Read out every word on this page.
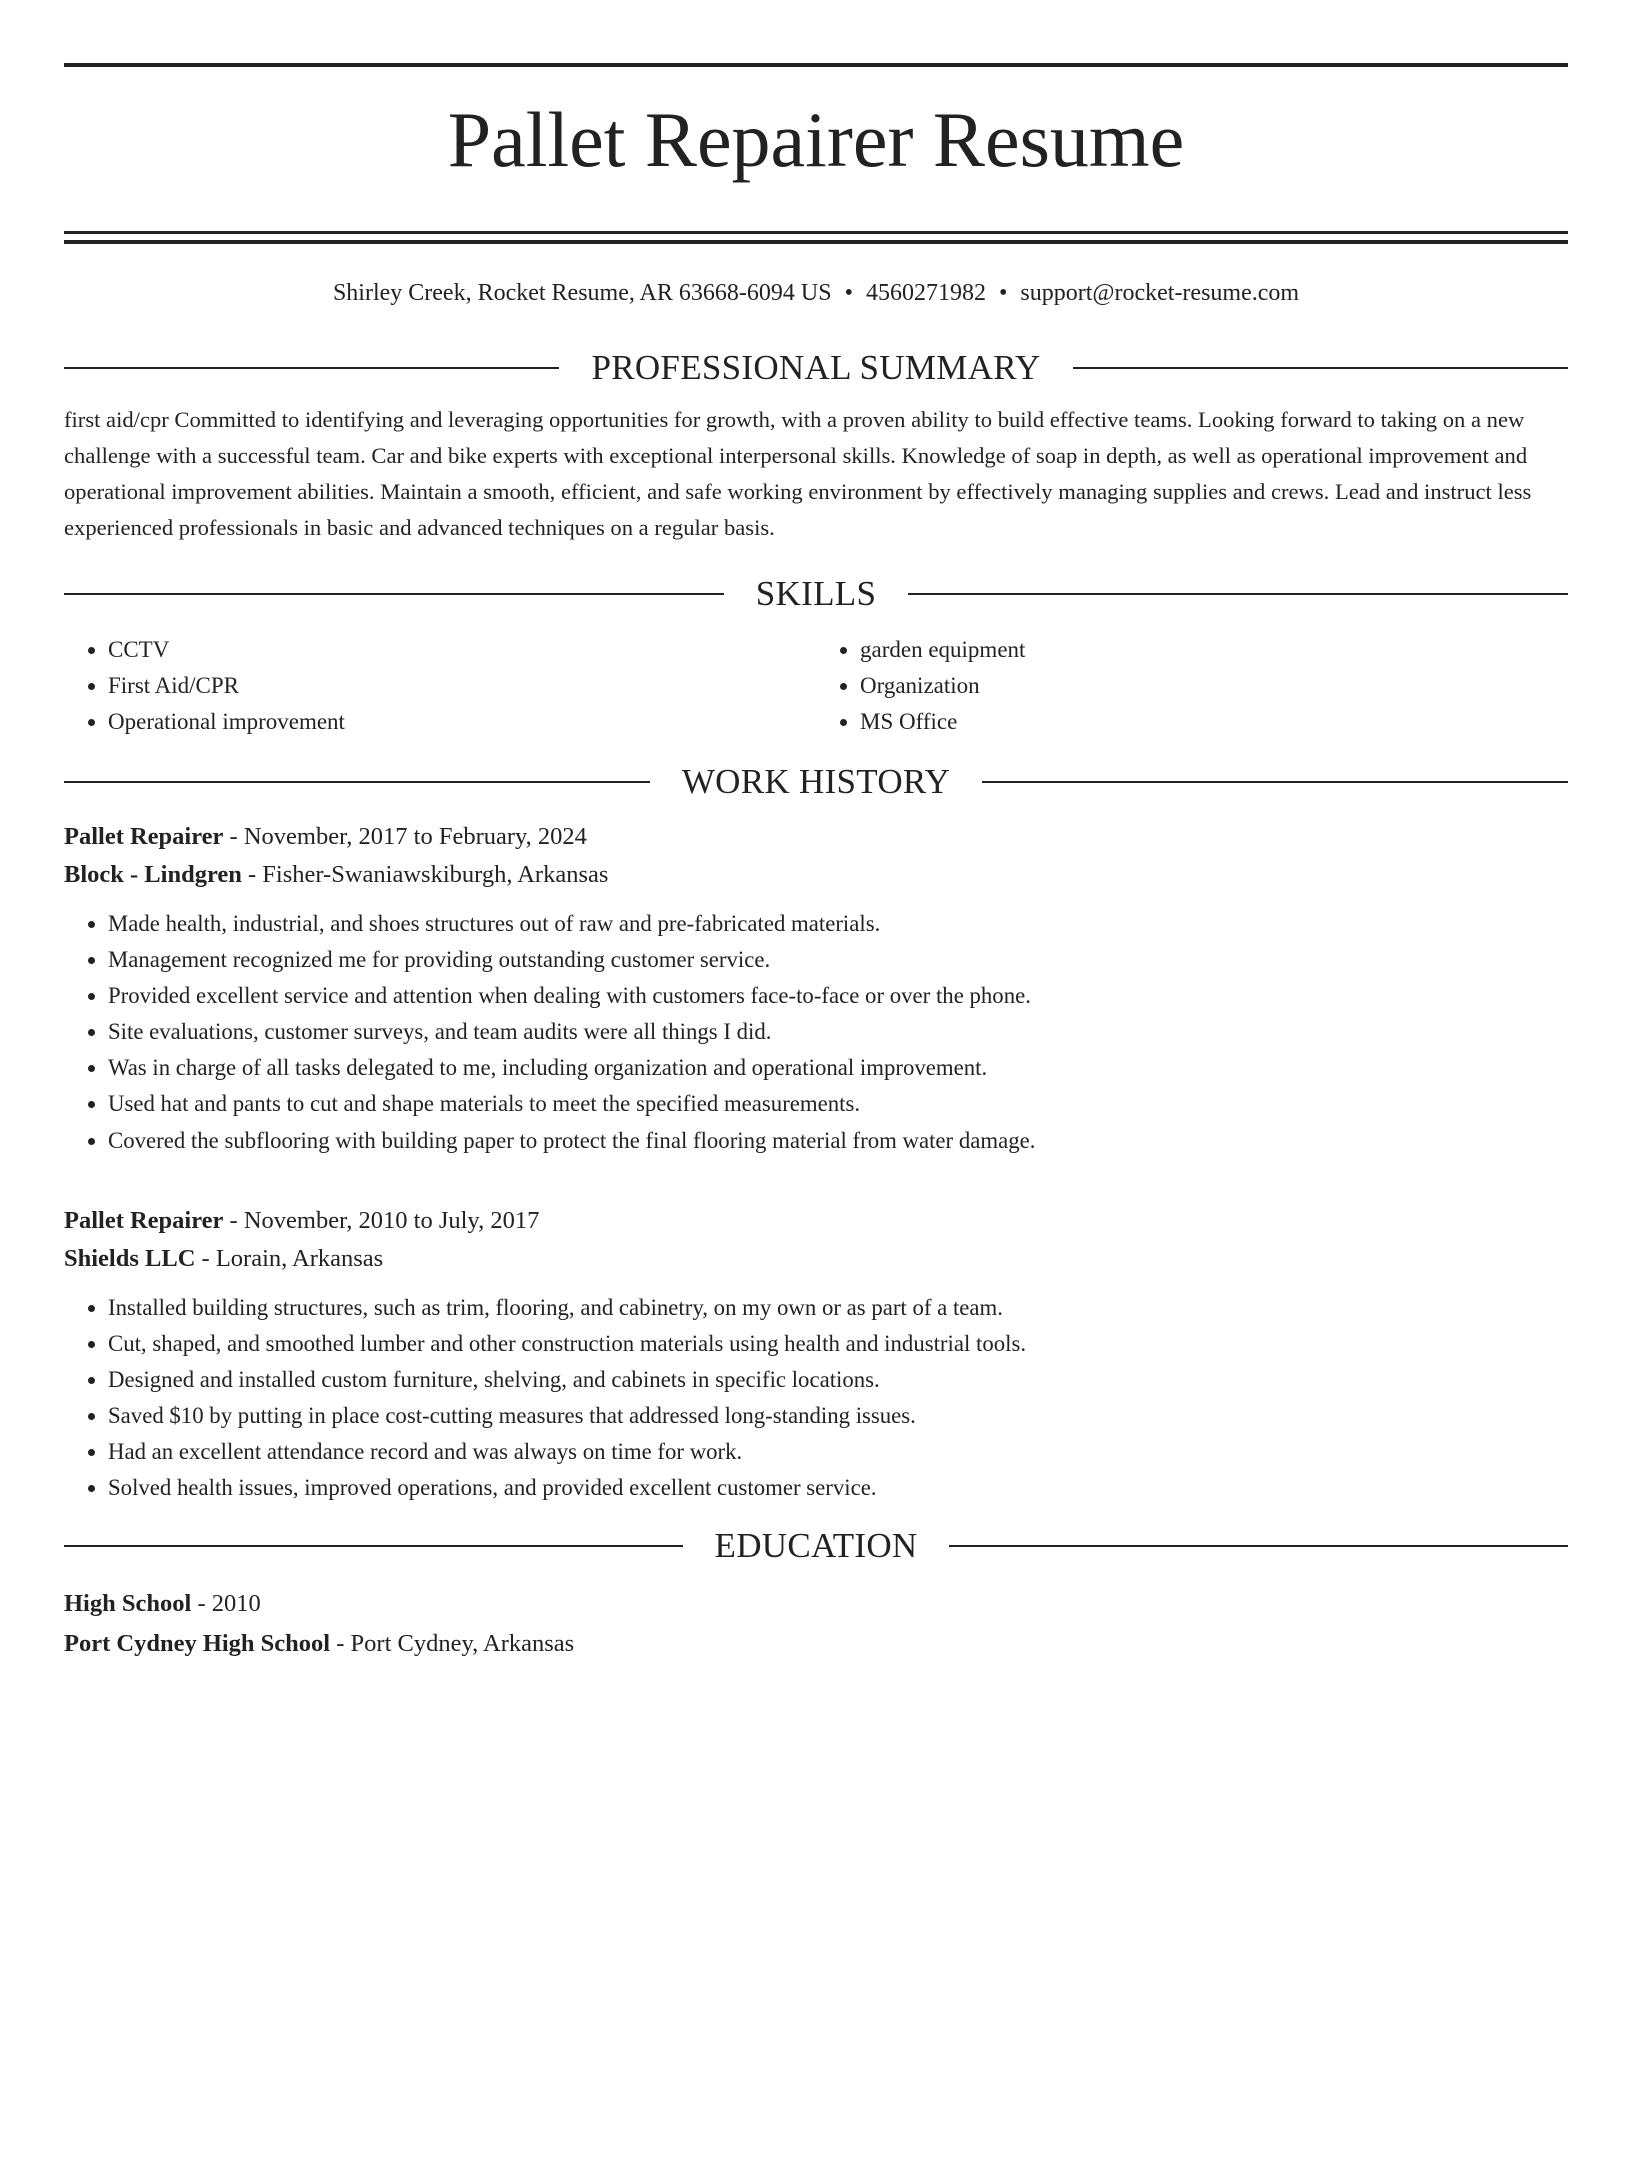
Pallet Repairer Resume
Shirley Creek, Rocket Resume, AR 63668-6094 US • 4560271982 • support@rocket-resume.com
PROFESSIONAL SUMMARY

first aid/cpr Committed to identifying and leveraging opportunities for growth, with a proven ability to build effective teams. Looking forward to taking on a new challenge with a successful team. Car and bike experts with exceptional interpersonal skills. Knowledge of soap in depth, as well as operational improvement and operational improvement abilities. Maintain a smooth, efficient, and safe working environment by effectively managing supplies and crews. Lead and instruct less experienced professionals in basic and advanced techniques on a regular basis.

SKILLS
• CCTV
• First Aid/CPR
• Operational improvement
• garden equipment
• Organization
• MS Office
WORK HISTORY
Pallet Repairer - November, 2017 to February, 2024
Block - Lindgren - Fisher-Swaniawskiburgh, Arkansas
• Made health, industrial, and shoes structures out of raw and pre-fabricated materials.
• Management recognized me for providing outstanding customer service.
• Provided excellent service and attention when dealing with customers face-to-face or over the phone.
• Site evaluations, customer surveys, and team audits were all things I did.
• Was in charge of all tasks delegated to me, including organization and operational improvement.
• Used hat and pants to cut and shape materials to meet the specified measurements.
• Covered the subflooring with building paper to protect the final flooring material from water damage.
Pallet Repairer - November, 2010 to July, 2017
Shields LLC - Lorain, Arkansas
• Installed building structures, such as trim, flooring, and cabinetry, on my own or as part of a team.
• Cut, shaped, and smoothed lumber and other construction materials using health and industrial tools.
• Designed and installed custom furniture, shelving, and cabinets in specific locations.
• Saved $10 by putting in place cost-cutting measures that addressed long-standing issues.
• Had an excellent attendance record and was always on time for work.
• Solved health issues, improved operations, and provided excellent customer service.
EDUCATION
High School - 2010
Port Cydney High School - Port Cydney, Arkansas
